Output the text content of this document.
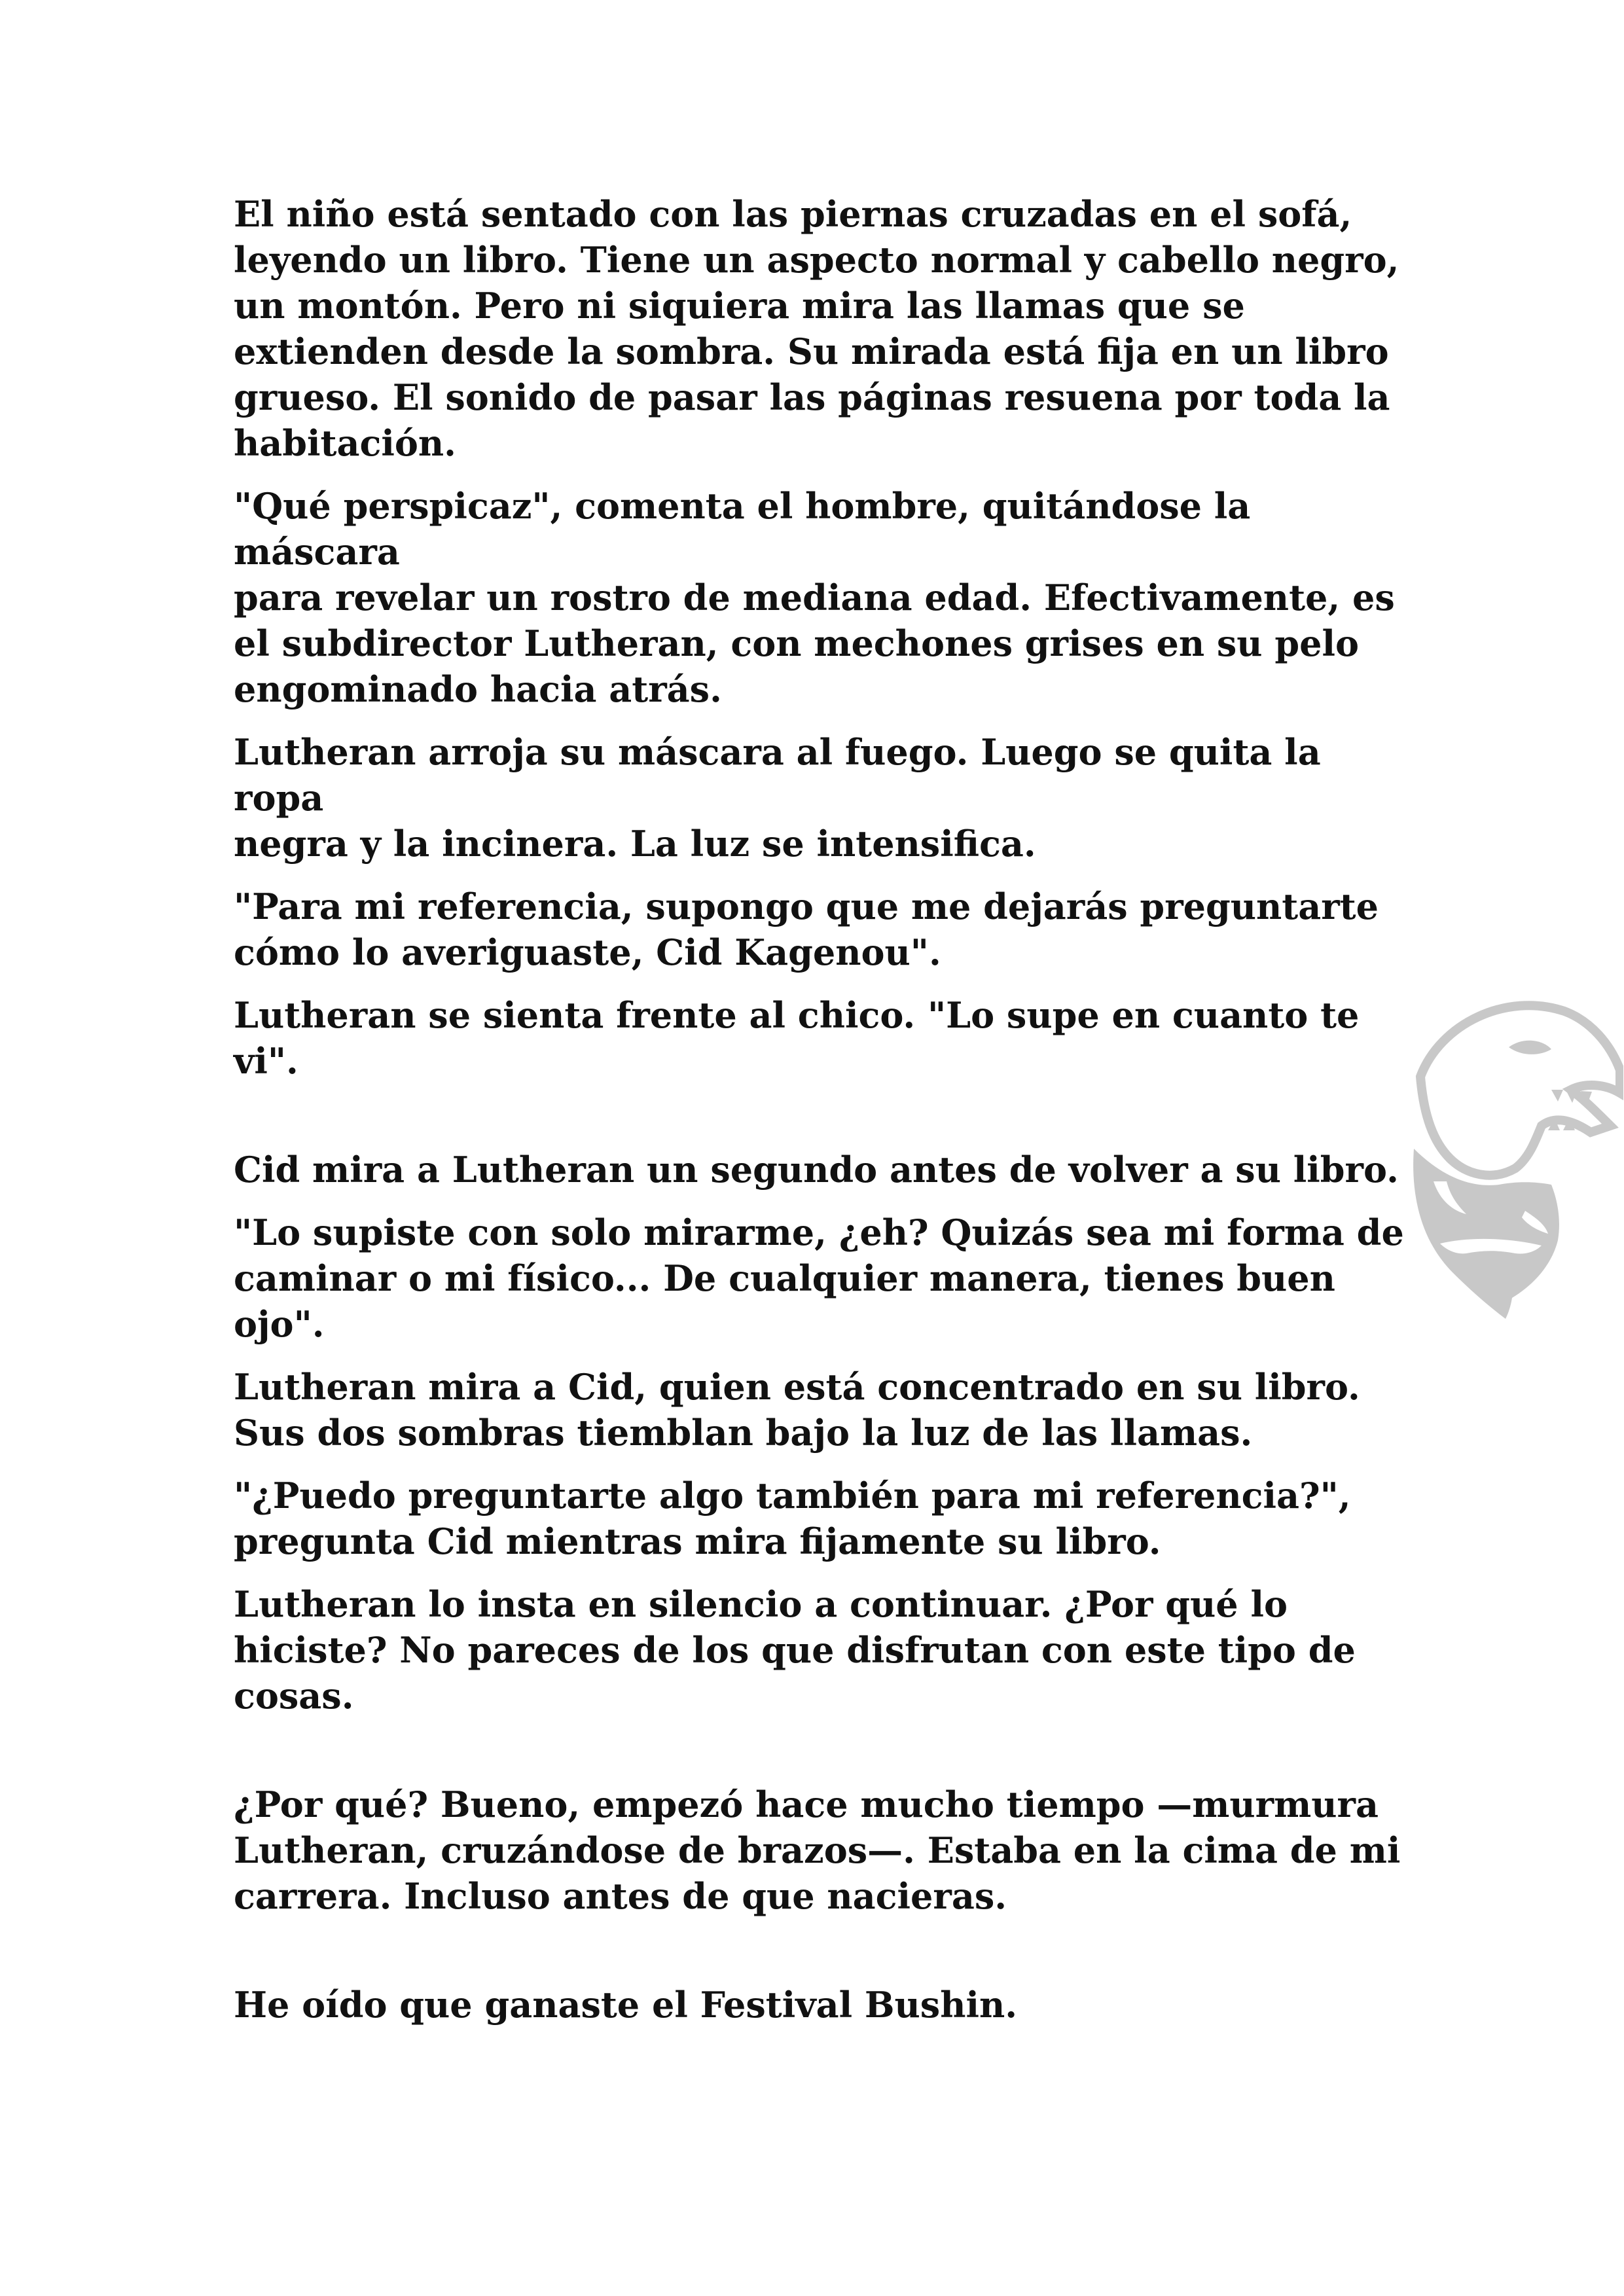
El niño está sentado con las piernas cruzadas en el sofá,
leyendo un libro. Tiene un aspecto normal y cabello negro,
un montón. Pero ni siquiera mira las llamas que se
extienden desde la sombra. Su mirada está fija en un libro
grueso. El sonido de pasar las páginas resuena por toda la
habitación.

"Qué perspicaz", comenta el hombre, quitándose la máscara
para revelar un rostro de mediana edad. Efectivamente, es
el subdirector Lutheran, con mechones grises en su pelo
engominado hacia atrás.

Lutheran arroja su máscara al fuego. Luego se quita la ropa
negra y la incinera. La luz se intensifica.

"Para mi referencia, supongo que me dejarás preguntarte
cómo lo averiguaste, Cid Kagenou".

Lutheran se sienta frente al chico. "Lo supe en cuanto te vi".

Cid mira a Lutheran un segundo antes de volver a su libro.

"Lo supiste con solo mirarme, ¿eh? Quizás sea mi forma de
caminar o mi físico... De cualquier manera, tienes buen ojo".

Lutheran mira a Cid, quien está concentrado en su libro.
Sus dos sombras tiemblan bajo la luz de las llamas.

"¿Puedo preguntarte algo también para mi referencia?",
pregunta Cid mientras mira fijamente su libro.

Lutheran lo insta en silencio a continuar. ¿Por qué lo
hiciste? No pareces de los que disfrutan con este tipo de
cosas.

¿Por qué? Bueno, empezó hace mucho tiempo —murmura
Lutheran, cruzándose de brazos—. Estaba en la cima de mi
carrera. Incluso antes de que nacieras.

He oído que ganaste el Festival Bushin.
